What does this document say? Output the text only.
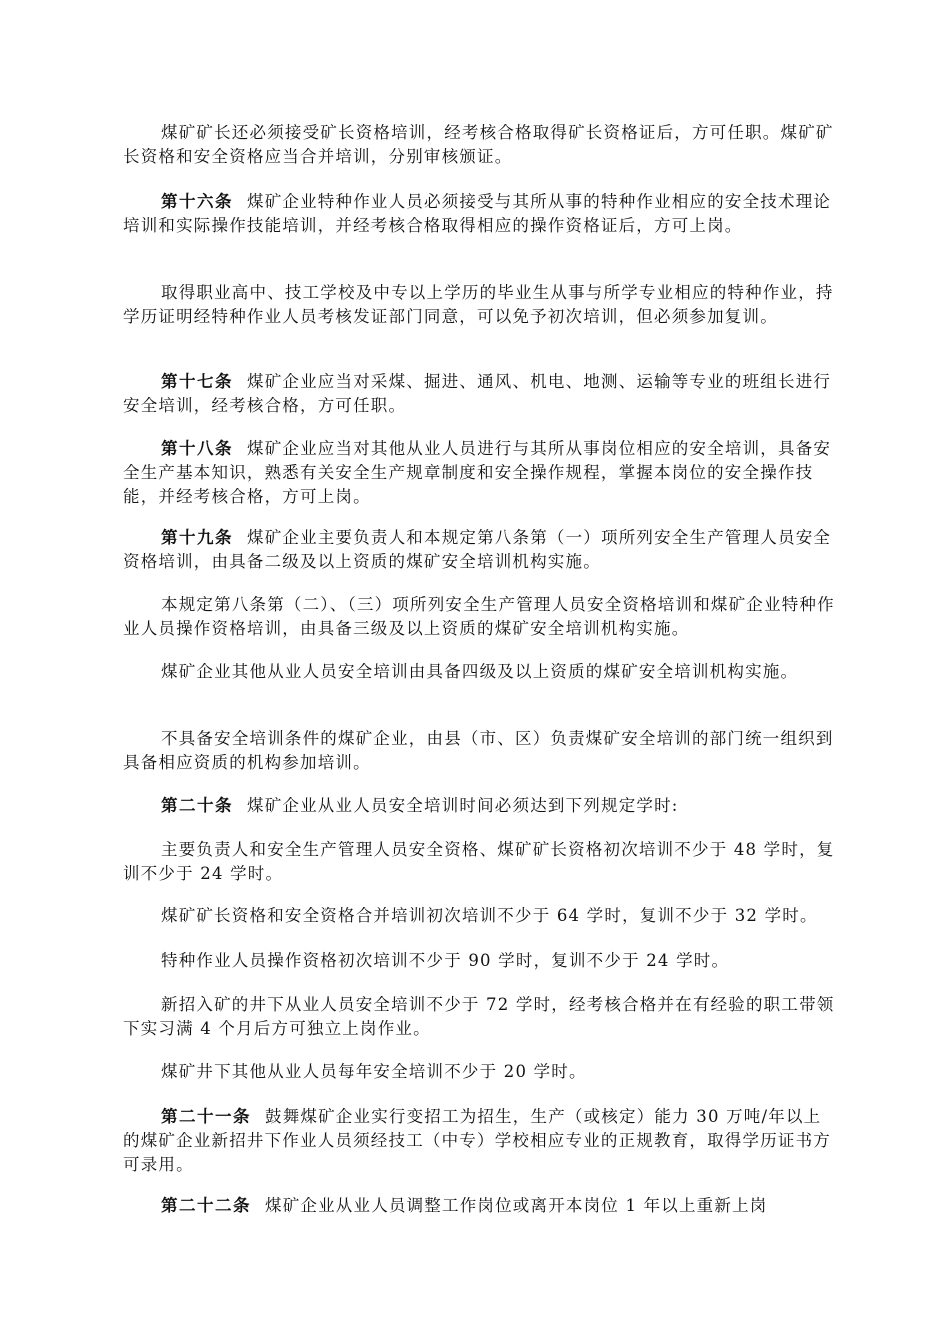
煤矿矿长还必须接受矿长资格培训，经考核合格取得矿长资格证后，方可任职。煤矿矿长资格和安全资格应当合并培训，分别审核颁证。

第十六条 煤矿企业特种作业人员必须接受与其所从事的特种作业相应的安全技术理论培训和实际操作技能培训，并经考核合格取得相应的操作资格证后，方可上岗。

取得职业高中、技工学校及中专以上学历的毕业生从事与所学专业相应的特种作业，持学历证明经特种作业人员考核发证部门同意，可以免予初次培训，但必须参加复训。

第十七条 煤矿企业应当对采煤、掘进、通风、机电、地测、运输等专业的班组长进行安全培训，经考核合格，方可任职。

第十八条 煤矿企业应当对其他从业人员进行与其所从事岗位相应的安全培训，具备安全生产基本知识，熟悉有关安全生产规章制度和安全操作规程，掌握本岗位的安全操作技能，并经考核合格，方可上岗。

第十九条 煤矿企业主要负责人和本规定第八条第（一）项所列安全生产管理人员安全资格培训，由具备二级及以上资质的煤矿安全培训机构实施。

本规定第八条第（二）、（三）项所列安全生产管理人员安全资格培训和煤矿企业特种作业人员操作资格培训，由具备三级及以上资质的煤矿安全培训机构实施。

煤矿企业其他从业人员安全培训由具备四级及以上资质的煤矿安全培训机构实施。

不具备安全培训条件的煤矿企业，由县（市、区）负责煤矿安全培训的部门统一组织到具备相应资质的机构参加培训。

第二十条 煤矿企业从业人员安全培训时间必须达到下列规定学时:

主要负责人和安全生产管理人员安全资格、煤矿矿长资格初次培训不少于 48 学时，复训不少于 24 学时。

煤矿矿长资格和安全资格合并培训初次培训不少于 64 学时，复训不少于 32 学时。

特种作业人员操作资格初次培训不少于 90 学时，复训不少于 24 学时。

新招入矿的井下从业人员安全培训不少于 72 学时，经考核合格并在有经验的职工带领下实习满 4 个月后方可独立上岗作业。

煤矿井下其他从业人员每年安全培训不少于 20 学时。

第二十一条 鼓舞煤矿企业实行变招工为招生，生产（或核定）能力 30 万吨/年以上的煤矿企业新招井下作业人员须经技工（中专）学校相应专业的正规教育，取得学历证书方可录用。

第二十二条 煤矿企业从业人员调整工作岗位或离开本岗位 1 年以上重新上岗
